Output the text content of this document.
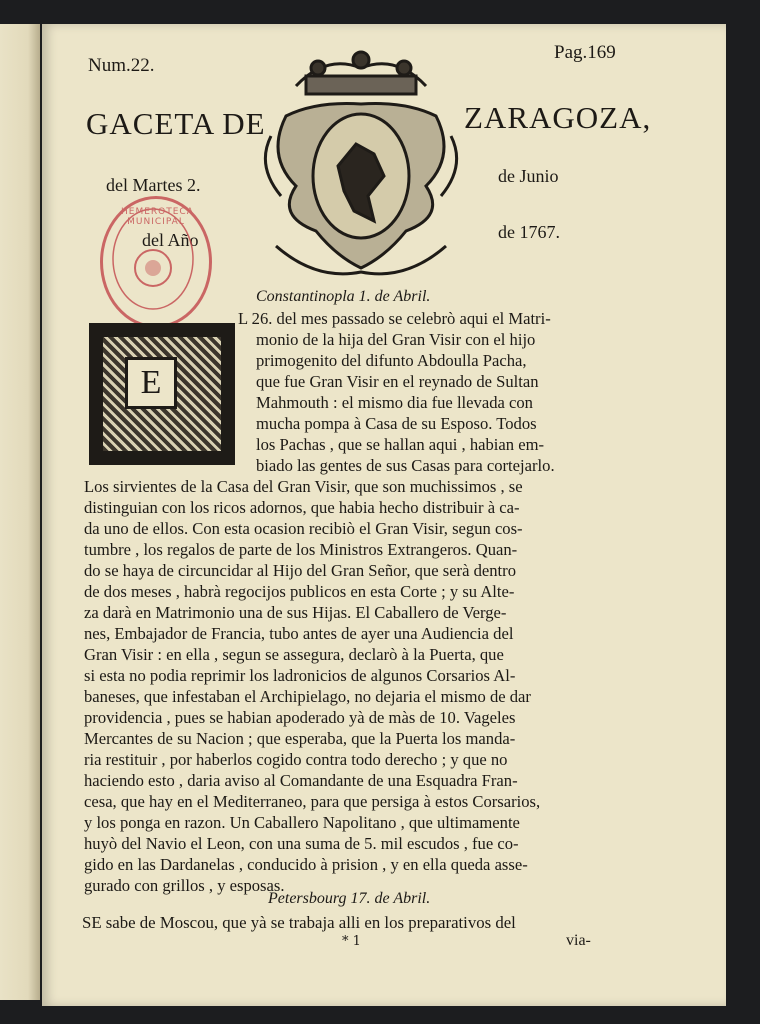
Num.22.
Pag.169
GACETA DE	ZARAGOZA,
del Martes 2.	de Junio
del Año	de 1767.
HEMEROTECA MUNICIPAL
E
Constantinopla 1. de Abril.
L 26. del mes passado se celebrò aqui el Matri-
monio de la hija del Gran Visir con el hijo
primogenito del difunto Abdoulla Pacha,
que fue Gran Visir en el reynado de Sultan
Mahmouth : el mismo dia fue llevada con
mucha pompa à Casa de su Esposo. Todos
los Pachas , que se hallan aqui , habian em-
biado las gentes de sus Casas para cortejarlo.
Los sirvientes de la Casa del Gran Visir, que son muchissimos , se
distinguian con los ricos adornos, que habia hecho distribuir à ca-
da uno de ellos. Con esta ocasion recibiò el Gran Visir, segun cos-
tumbre , los regalos de parte de los Ministros Extrangeros. Quan-
do se haya de circuncidar al Hijo del Gran Señor, que serà dentro
de dos meses , habrà regocijos publicos en esta Corte ; y su Alte-
za darà en Matrimonio una de sus Hijas. El Caballero de Verge-
nes, Embajador de Francia, tubo antes de ayer una Audiencia del
Gran Visir : en ella , segun se assegura, declarò à la Puerta, que
si esta no podia reprimir los ladronicios de algunos Corsarios Al-
baneses, que infestaban el Archipielago, no dejaria el mismo de dar
providencia , pues se habian apoderado yà de màs de 10. Vageles
Mercantes de su Nacion ; que esperaba, que la Puerta los manda-
ria restituir , por haberlos cogido contra todo derecho ; y que no
haciendo esto , daria aviso al Comandante de una Esquadra Fran-
cesa, que hay en el Mediterraneo, para que persiga à estos Corsarios,
y los ponga en razon. Un Caballero Napolitano , que ultimamente
huyò del Navio el Leon, con una suma de 5. mil escudos , fue co-
gido en las Dardanelas , conducido à prision , y en ella queda asse-
gurado con grillos , y esposas.
Petersbourg 17. de Abril.
SE sabe de Moscou, que yà se trabaja alli en los preparativos del
* 1	via-
